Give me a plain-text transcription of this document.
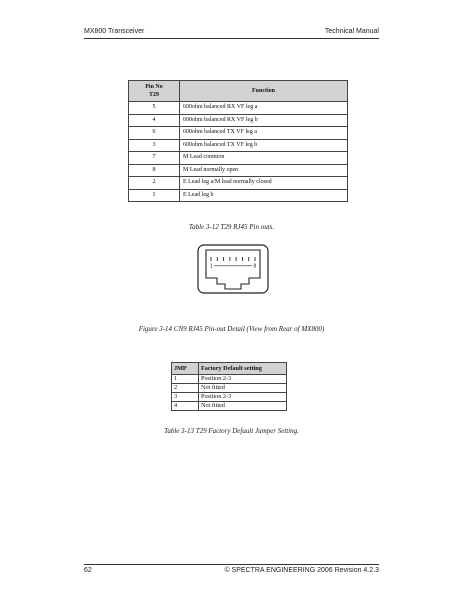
MX800 Transceiver	Technical Manual
Pin No
T29	Function
5	600ohm balanced RX VF leg a
4	600ohm balanced RX VF leg b
6	600ohm balanced TX VF leg a
3	600ohm balanced TX VF leg b
7	M Lead common
8	M Lead normally open
2	E Lead leg a/M lead normally closed
1	E Lead leg b
Table 3-12 T29 RJ45 Pin outs.
1	8
Figure 3-14 CN9 RJ45 Pin-out Detail (View from Rear of MX800)
JMP	Factory Default setting
1	Position 2-3
2	Not fitted
3	Position 2-3
4	Not fitted
Table 3-13 T29 Factory Default Jumper Setting.
62	© SPECTRA ENGINEERING 2006 Revision 4.2.3
